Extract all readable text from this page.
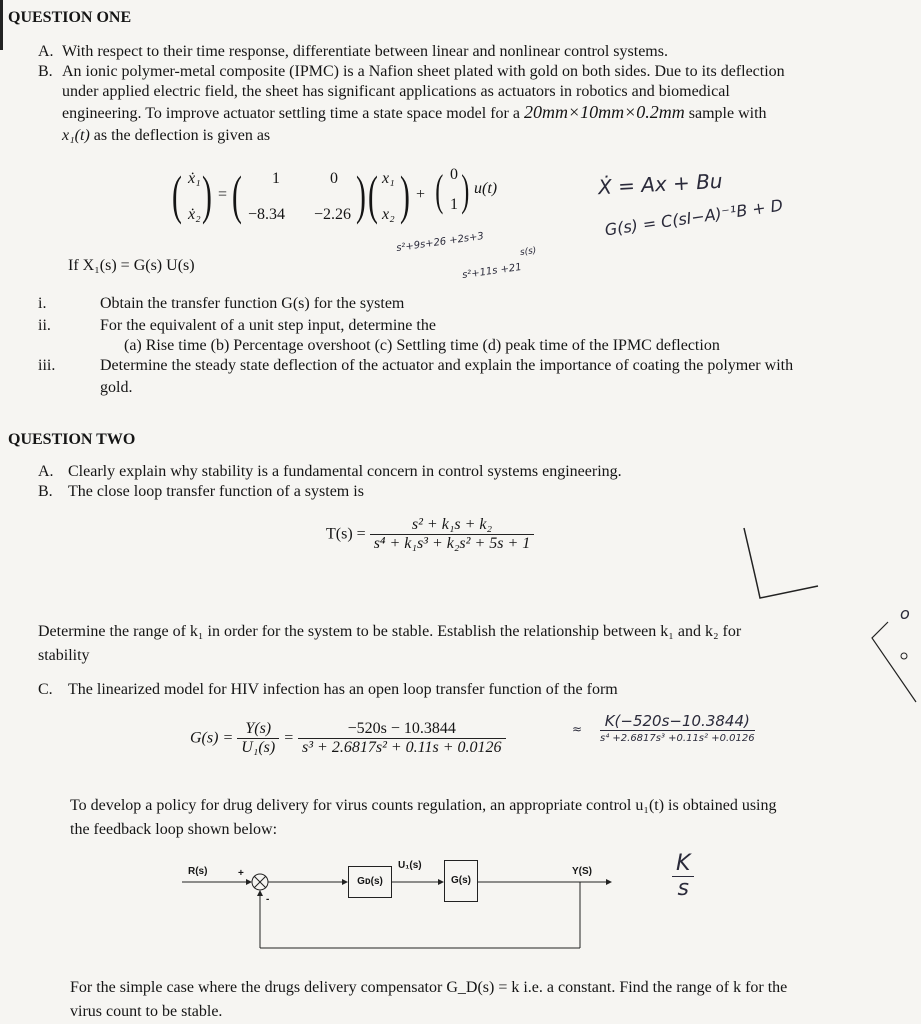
QUESTION ONE
A. With respect to their time response, differentiate between linear and nonlinear control systems.
B. An ionic polymer-metal composite (IPMC) is a Nafion sheet plated with gold on both sides. Due to its deflection
under applied electric field, the sheet has significant applications as actuators in robotics and biomedical
engineering. To improve actuator settling time a state space model for a 20mm×10mm×0.2mm sample with
x₁(t) as the deflection is given as
( ẋ₁
ẋ₂ ) = ( 1	0
−8.34 −2.26 ) ( x₁
x₂ ) + ( 0
1 ) u(t)	Ẋ = Ax + Bu
G(s) = C(sI−A)⁻¹B + D
s²+9s+26 +2s+3	s(s)
s²+11s +21
If X₁(s) = G(s) U(s)
i.	Obtain the transfer function G(s) for the system
ii.	For the equivalent of a unit step input, determine the
(a) Rise time (b) Percentage overshoot (c) Settling time (d) peak time of the IPMC deflection
iii.	Determine the steady state deflection of the actuator and explain the importance of coating the polymer with
gold.
QUESTION TWO
A. Clearly explain why stability is a fundamental concern in control systems engineering.
B. The close loop transfer function of a system is
$T(s) = \frac{\text{s² + k₁s + k₂}}{\text{s⁴ + k₁s³ + k₂s² + 5s + 1}}$
Determine the range of k₁ in order for the system to be stable. Establish the relationship between k₁ and k₂ for
stability
o
C. The linearized model for HIV infection has an open loop transfer function of the form
$G(s) = \frac{Y(s)}{\text{U₁(s)}} = \frac{-520s - 10.3844}{\text{s³ + 2.6817s² + 0.11s + 0.0126}}$	≈	K(−520s−10.3844)
s⁴ +2.6817s³ +0.11s² +0.0126
To develop a policy for drug delivery for virus counts regulation, an appropriate control u₁(t) is obtained using
the feedback loop shown below:
R(s)	+
-
Gᴅ(s)
U₁(s)
G(s)
Y(S)	$\frac{K}{s}$
For the simple case where the drugs delivery compensator G_D(s) = k i.e. a constant. Find the range of k for the
virus count to be stable.
